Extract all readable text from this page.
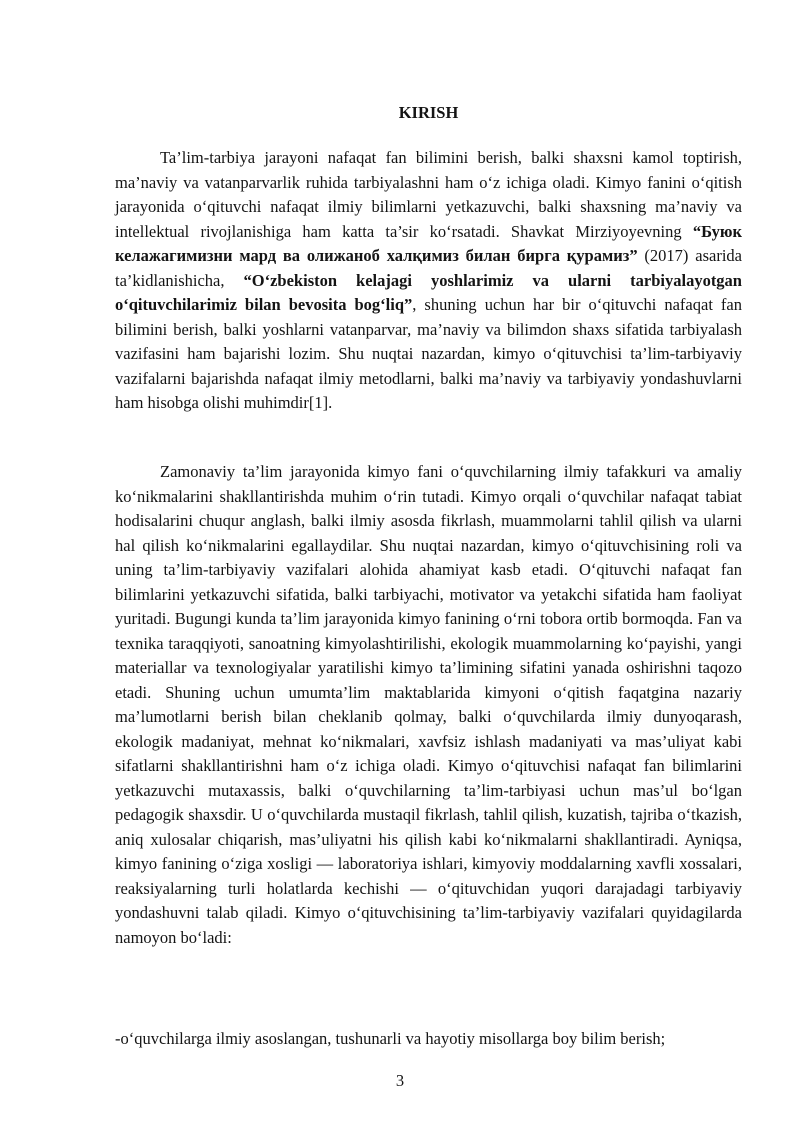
KIRISH

Ta’lim-tarbiya jarayoni nafaqat fan bilimini berish, balki shaxsni kamol toptirish, ma’naviy va vatanparvarlik ruhida tarbiyalashni ham o‘z ichiga oladi. Kimyo fanini o‘qitish jarayonida o‘qituvchi nafaqat ilmiy bilimlarni yetkazuvchi, balki shaxsning ma’naviy va intellektual rivojlanishiga ham katta ta’sir ko‘rsatadi. Shavkat Mirziyoyevning “Буюк келажагимизни мард ва олижаноб халқимиз билан бирга қурамиз” (2017) asarida ta’kidlanishicha, “O‘zbekiston kelajagi yoshlarimiz va ularni tarbiyalayotgan o‘qituvchilarimiz bilan bevosita bog‘liq”, shuning uchun har bir o‘qituvchi nafaqat fan bilimini berish, balki yoshlarni vatanparvar, ma’naviy va bilimdon shaxs sifatida tarbiyalash vazifasini ham bajarishi lozim. Shu nuqtai nazardan, kimyo o‘qituvchisi ta’lim-tarbiyaviy vazifalarni bajarishda nafaqat ilmiy metodlarni, balki ma’naviy va tarbiyaviy yondashuvlarni ham hisobga olishi muhimdir[1].

Zamonaviy ta’lim jarayonida kimyo fani o‘quvchilarning ilmiy tafakkuri va amaliy ko‘nikmalarini shakllantirishda muhim o‘rin tutadi. Kimyo orqali o‘quvchilar nafaqat tabiat hodisalarini chuqur anglash, balki ilmiy asosda fikrlash, muammolarni tahlil qilish va ularni hal qilish ko‘nikmalarini egallaydilar. Shu nuqtai nazardan, kimyo o‘qituvchisining roli va uning ta’lim-tarbiyaviy vazifalari alohida ahamiyat kasb etadi. O‘qituvchi nafaqat fan bilimlarini yetkazuvchi sifatida, balki tarbiyachi, motivator va yetakchi sifatida ham faoliyat yuritadi. Bugungi kunda ta’lim jarayonida kimyo fanining o‘rni tobora ortib bormoqda. Fan va texnika taraqqiyoti, sanoatning kimyolashtirilishi, ekologik muammolarning ko‘payishi, yangi materiallar va texnologiyalar yaratilishi kimyo ta’limining sifatini yanada oshirishni taqozo etadi. Shuning uchun umumta’lim maktablarida kimyoni o‘qitish faqatgina nazariy ma’lumotlarni berish bilan cheklanib qolmay, balki o‘quvchilarda ilmiy dunyoqarash, ekologik madaniyat, mehnat ko‘nikmalari, xavfsiz ishlash madaniyati va mas’uliyat kabi sifatlarni shakllantirishni ham o‘z ichiga oladi. Kimyo o‘qituvchisi nafaqat fan bilimlarini yetkazuvchi mutaxassis, balki o‘quvchilarning ta’lim-tarbiyasi uchun mas’ul bo‘lgan pedagogik shaxsdir. U o‘quvchilarda mustaqil fikrlash, tahlil qilish, kuzatish, tajriba o‘tkazish, aniq xulosalar chiqarish, mas’uliyatni his qilish kabi ko‘nikmalarni shakllantiradi. Ayniqsa, kimyo fanining o‘ziga xosligi — laboratoriya ishlari, kimyoviy moddalarning xavfli xossalari, reaksiyalarning turli holatlarda kechishi — o‘qituvchidan yuqori darajadagi tarbiyaviy yondashuvni talab qiladi. Kimyo o‘qituvchisining ta’lim-tarbiyaviy vazifalari quyidagilarda namoyon bo‘ladi:

-o‘quvchilarga ilmiy asoslangan, tushunarli va hayotiy misollarga boy bilim berish;

3
